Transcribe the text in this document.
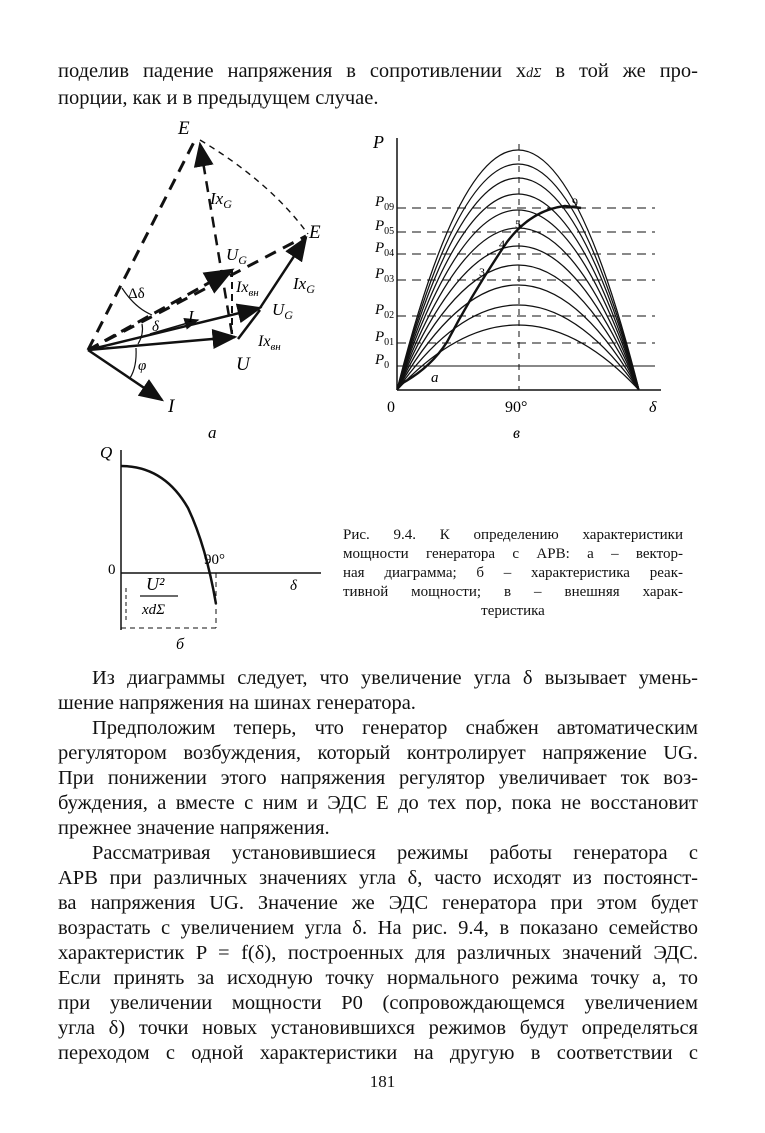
поделив падение напряжения в сопротивлении xdΣ в той же про-
порции, как и в предыдущем случае.
E
E
$Ix_G$
$Ix_G$
$U_G$
$U_G$
$Ix_{вн}$
$Ix_{вн}$
Δδ
δ
I
I
φ	U
а
$P_{09}$
$P_{05}$
$P_{04}$
$P_{03}$
$P_{02}$
$P_{01}$
$P_0$
P
0	90°	δ
в
а
9
5
4
3
U²
xdΣ
Q
0
90°
δ
б
Рис. 9.4. К определению характеристики
мощности генератора с АРВ: а – вектор-
ная диаграмма; б – характеристика реак-
тивной мощности; в – внешняя харак-
теристика
Из диаграммы следует, что увеличение угла δ вызывает умень-
шение напряжения на шинах генератора.
Предположим теперь, что генератор снабжен автоматическим
регулятором возбуждения, который контролирует напряжение UG.
При понижении этого напряжения регулятор увеличивает ток воз-
буждения, а вместе с ним и ЭДС E до тех пор, пока не восстановит
прежнее значение напряжения.
Рассматривая установившиеся режимы работы генератора с
АРВ при различных значениях угла δ, часто исходят из постоянст-
ва напряжения UG. Значение же ЭДС генератора при этом будет
возрастать с увеличением угла δ. На рис. 9.4, в показано семейство
характеристик P = f(δ), построенных для различных значений ЭДС.
Если принять за исходную точку нормального режима точку а, то
при увеличении мощности P0 (сопровождающемся увеличением
угла δ) точки новых установившихся режимов будут определяться
переходом с одной характеристики на другую в соответствии с
181
